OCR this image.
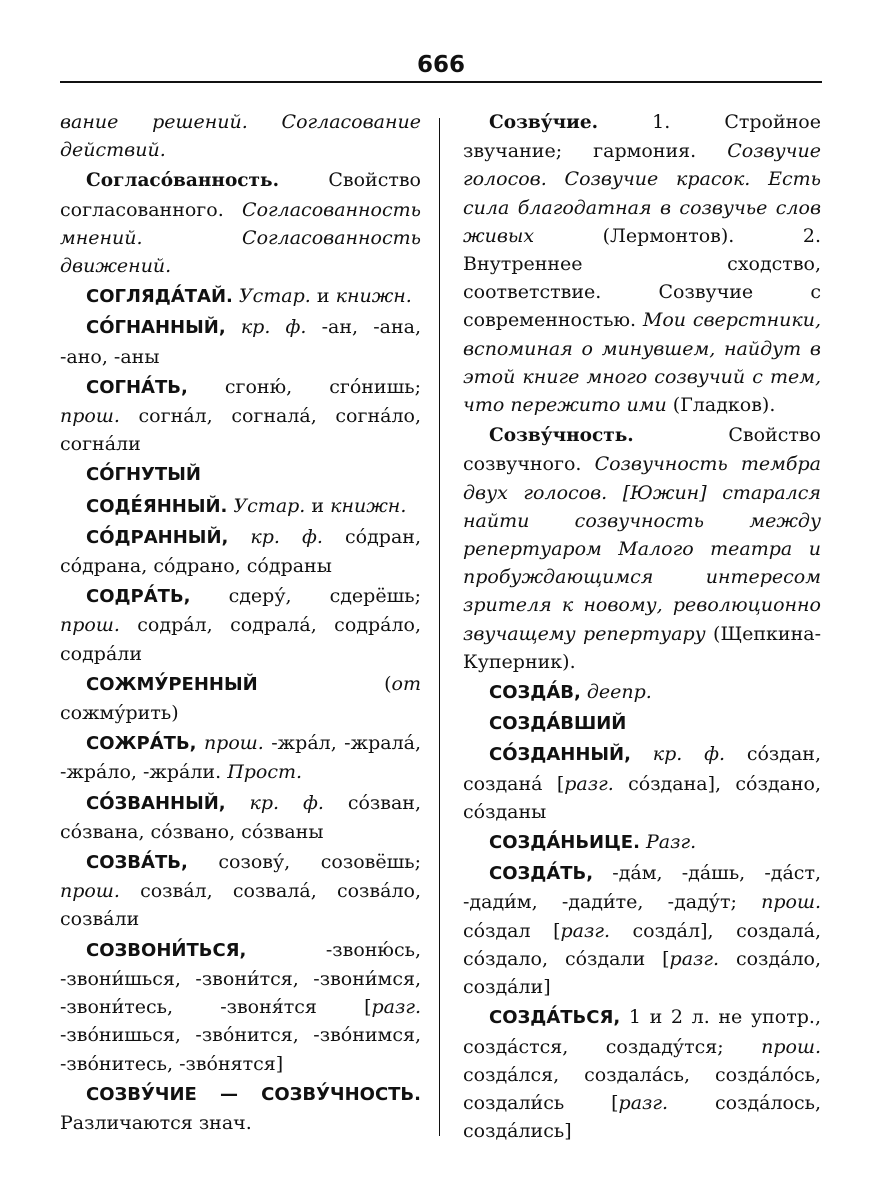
666

вание решений. Согласование действий.

Согласо́ванность. Свойство согласованного. Согласованность мнений. Согласованность движений.

СОГЛЯДА́ТАЙ. Устар. и книжн.

СО́ГНАННЫЙ, кр. ф. -ан, -ана, -ано, -аны

СОГНА́ТЬ, сгоню́, сго́нишь; прош. согна́л, согнала́, согна́ло, согна́ли

СО́ГНУТЫЙ

СОДЕ́ЯННЫЙ. Устар. и книжн.

СО́ДРАННЫЙ, кр. ф. со́дран, со́драна, со́драно, со́драны

СОДРА́ТЬ, сдеру́, сдерёшь; прош. содра́л, содрала́, содра́ло, содра́ли

СОЖМУ́РЕННЫЙ (от сожму́рить)

СОЖРА́ТЬ, прош. -жра́л, -жрала́, -жра́ло, -жра́ли. Прост.

СО́ЗВАННЫЙ, кр. ф. со́зван, со́звана, со́звано, со́званы

СОЗВА́ТЬ, созову́, созовёшь; прош. созва́л, созвала́, созва́ло, созва́ли

СОЗВОНИ́ТЬСЯ, -звоню́сь, -звони́шься, -звони́тся, -звони́мся, -звони́тесь, -звоня́тся [разг. -зво́нишься, -зво́нится, -зво́нимся, -зво́нитесь, -зво́нятся]

СОЗВУ́ЧИЕ — СОЗВУ́ЧНОСТЬ. Различаются знач.

Созву́чие. 1. Стройное звучание; гармония. Созвучие голосов. Созвучие красок. Есть сила благодатная в созвучье слов живых (Лермонтов). 2. Внутреннее сходство, соответствие. Созвучие с современностью. Мои сверстники, вспоминая о минувшем, найдут в этой книге много созвучий с тем, что пережито ими (Гладков).

Созву́чность. Свойство созвучного. Созвучность тембра двух голосов. [Южин] старался найти созвучность между репертуаром Малого театра и пробуждающимся интересом зрителя к новому, революционно звучащему репертуару (Щепкина-Куперник).

СОЗДА́В, деепр.

СОЗДА́ВШИЙ

СО́ЗДАННЫЙ, кр. ф. со́здан, создана́ [разг. со́здана], со́здано, со́зданы

СОЗДА́НЬИЦЕ. Разг.

СОЗДА́ТЬ, -да́м, -да́шь, -да́ст, -дади́м, -дади́те, -даду́т; прош. со́здал [разг. созда́л], создала́, со́здало, со́здали [разг. созда́ло, созда́ли]

СОЗДА́ТЬСЯ, 1 и 2 л. не употр., созда́стся, создаду́тся; прош. созда́лся, создала́сь, созда́ло́сь, создали́сь [разг. созда́лось, созда́лись]
